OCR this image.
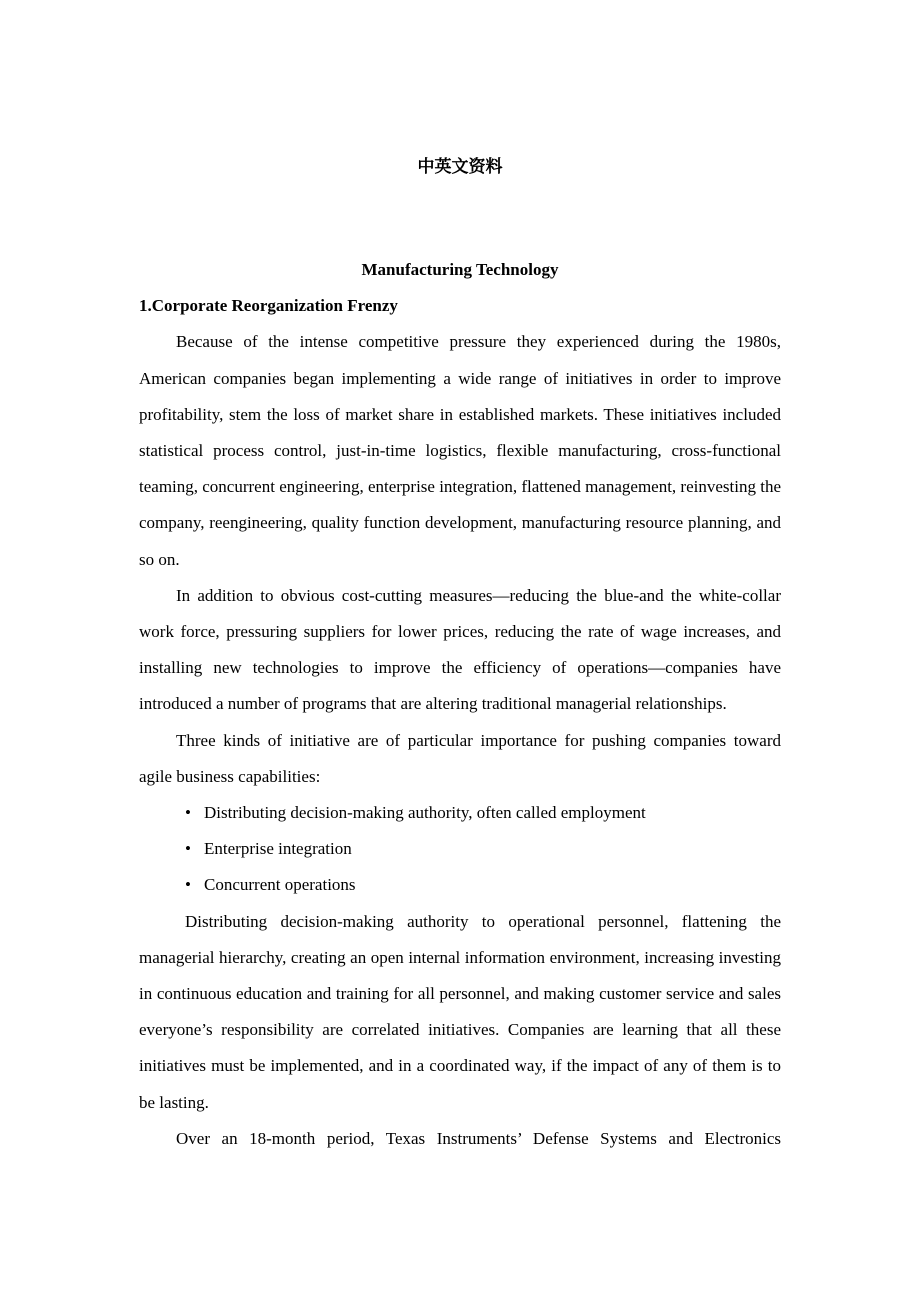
中英文资料
Manufacturing Technology
1.Corporate Reorganization Frenzy

Because of the intense competitive pressure they experienced during the 1980s, American companies began implementing a wide range of initiatives in order to improve profitability, stem the loss of market share in established markets. These initiatives included statistical process control, just-in-time logistics, flexible manufacturing, cross-functional teaming, concurrent engineering, enterprise integration, flattened management, reinvesting the company, reengineering, quality function development, manufacturing resource planning, and so on.

In addition to obvious cost-cutting measures—reducing the blue-and the white-collar work force, pressuring suppliers for lower prices, reducing the rate of wage increases, and installing new technologies to improve the efficiency of operations—companies have introduced a number of programs that are altering traditional managerial relationships.

Three kinds of initiative are of particular importance for pushing companies toward agile business capabilities:

• Distributing decision-making authority, often called employment
• Enterprise integration
• Concurrent operations

Distributing decision-making authority to operational personnel, flattening the managerial hierarchy, creating an open internal information environment, increasing investing in continuous education and training for all personnel, and making customer service and sales everyone’s responsibility are correlated initiatives. Companies are learning that all these initiatives must be implemented, and in a coordinated way, if the impact of any of them is to be lasting.

Over an 18-month period, Texas Instruments’ Defense Systems and Electronics
